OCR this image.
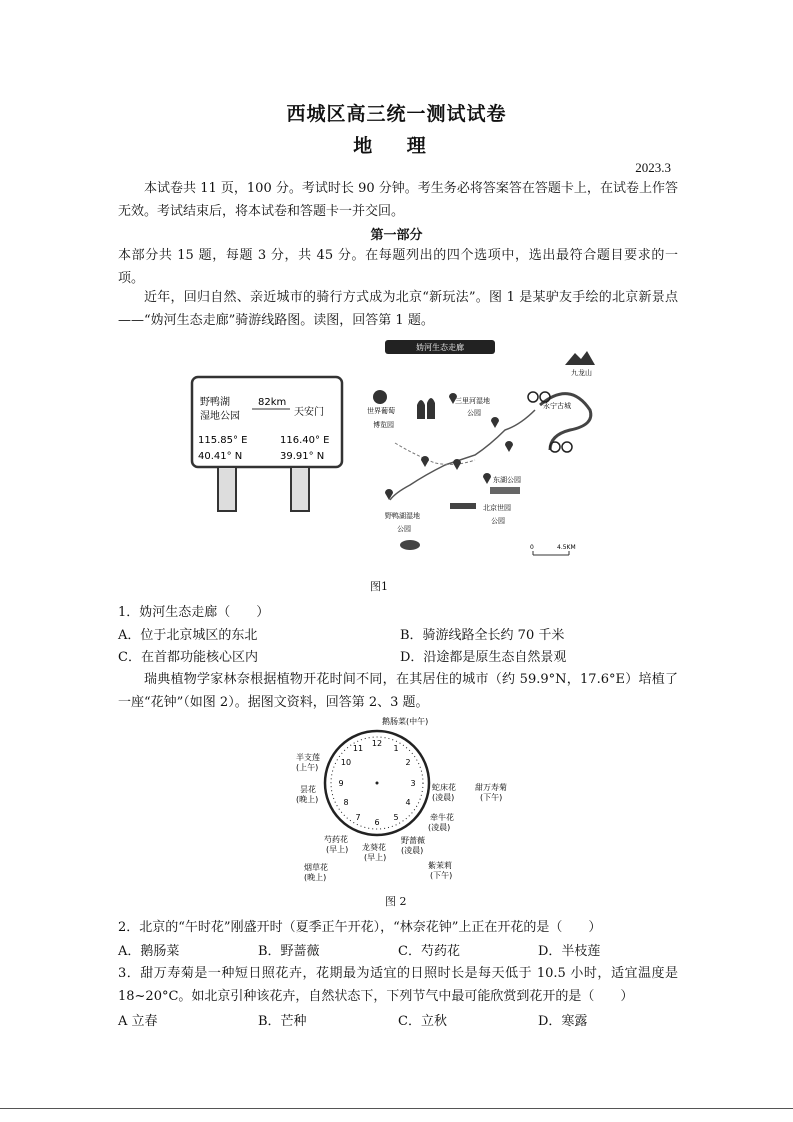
西城区高三统一测试试卷
地 理
2023.3
本试卷共 11 页，100 分。考试时长 90 分钟。考生务必将答案答在答题卡上，在试卷上作答无效。考试结束后，将本试卷和答题卡一并交回。
第一部分
本部分共 15 题，每题 3 分，共 45 分。在每题列出的四个选项中，选出最符合题目要求的一项。
近年，回归自然、亲近城市的骑行方式成为北京“新玩法”。图 1 是某驴友手绘的北京新景点——“妫河生态走廊”骑游线路图。读图，回答第 1 题。
野鸭湖
湿地公园
82km
天安门
115.85° E
40.41° N
116.40° E
39.91° N
妫河生态走廊
九龙山
永宁古城
三里河湿地
公园
世界葡萄
博览园
东湖公园
北京世园
公园
野鸭湖湿地
公园
0	4.5KM
图1
1．妫河生态走廊（　　）
A．位于北京城区的东北	B．骑游线路全长约 70 千米
C．在首都功能核心区内	D．沿途都是原生态自然景观
瑞典植物学家林奈根据植物开花时间不同，在其居住的城市（约 59.9°N，17.6°E）培植了一座“花钟”（如图 2）。据图文资料，回答第 2、3 题。
鹅肠菜(中午)
12
1
2
3
4
5
6
7
8
9
10
11
半支莲
(上午)
昙花
(晚上)
蛇床花
(凌晨)
甜万寿菊
(下午)
牵牛花
(凌晨)
野蔷薇
(凌晨)
紫茉莉
(下午)
芍药花
(早上) 龙葵花
(早上)
烟草花
(晚上)
图 2
2．北京的“午时花”刚盛开时（夏季正午开花），“林奈花钟”上正在开花的是（　　）
A．鹅肠菜	B．野蔷薇	C．芍药花	D．半枝莲
3．甜万寿菊是一种短日照花卉，花期最为适宜的日照时长是每天低于 10.5 小时，适宜温度是 18~20°C。如北京引种该花卉，自然状态下，下列节气中最可能欣赏到花开的是（　　）
A 立春	B．芒种	C．立秋	D．寒露
